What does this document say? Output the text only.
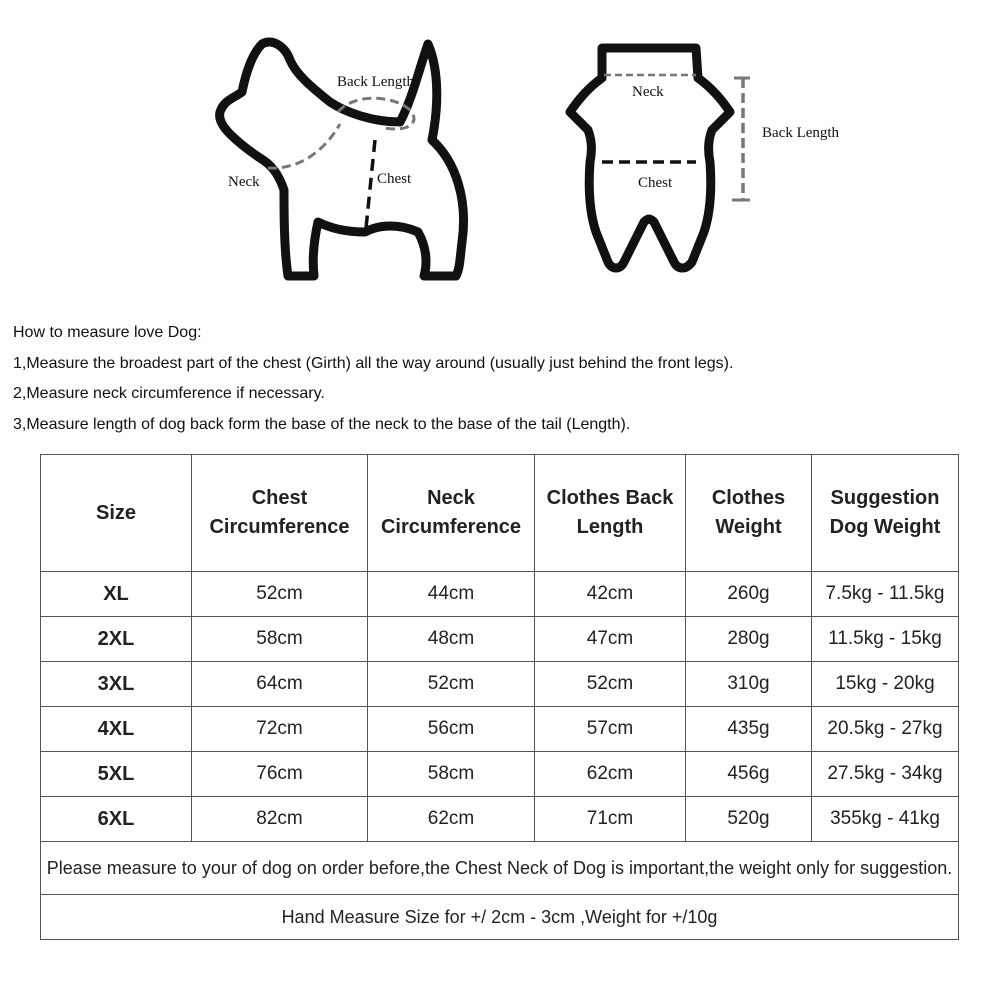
Back Length
Neck	Chest
Neck
Back Length
Chest

How to measure love Dog:

1,Measure the broadest part of the chest (Girth) all the way around (usually just behind the front legs).

2,Measure neck circumference if necessary.

3,Measure length of dog back form the base of the neck to the base of the tail (Length).

Size	Chest Circumference	Neck Circumference	Clothes Back Length	Clothes Weight	Suggestion Dog Weight
XL	52cm	44cm	42cm	260g	7.5kg - 11.5kg
2XL	58cm	48cm	47cm	280g	11.5kg - 15kg
3XL	64cm	52cm	52cm	310g	15kg - 20kg
4XL	72cm	56cm	57cm	435g	20.5kg - 27kg
5XL	76cm	58cm	62cm	456g	27.5kg - 34kg
6XL	82cm	62cm	71cm	520g	355kg - 41kg
Please measure to your of dog on order before,the Chest Neck of Dog is important,the weight only for suggestion.					
Hand Measure Size for +/ 2cm - 3cm ,Weight for +/10g					
